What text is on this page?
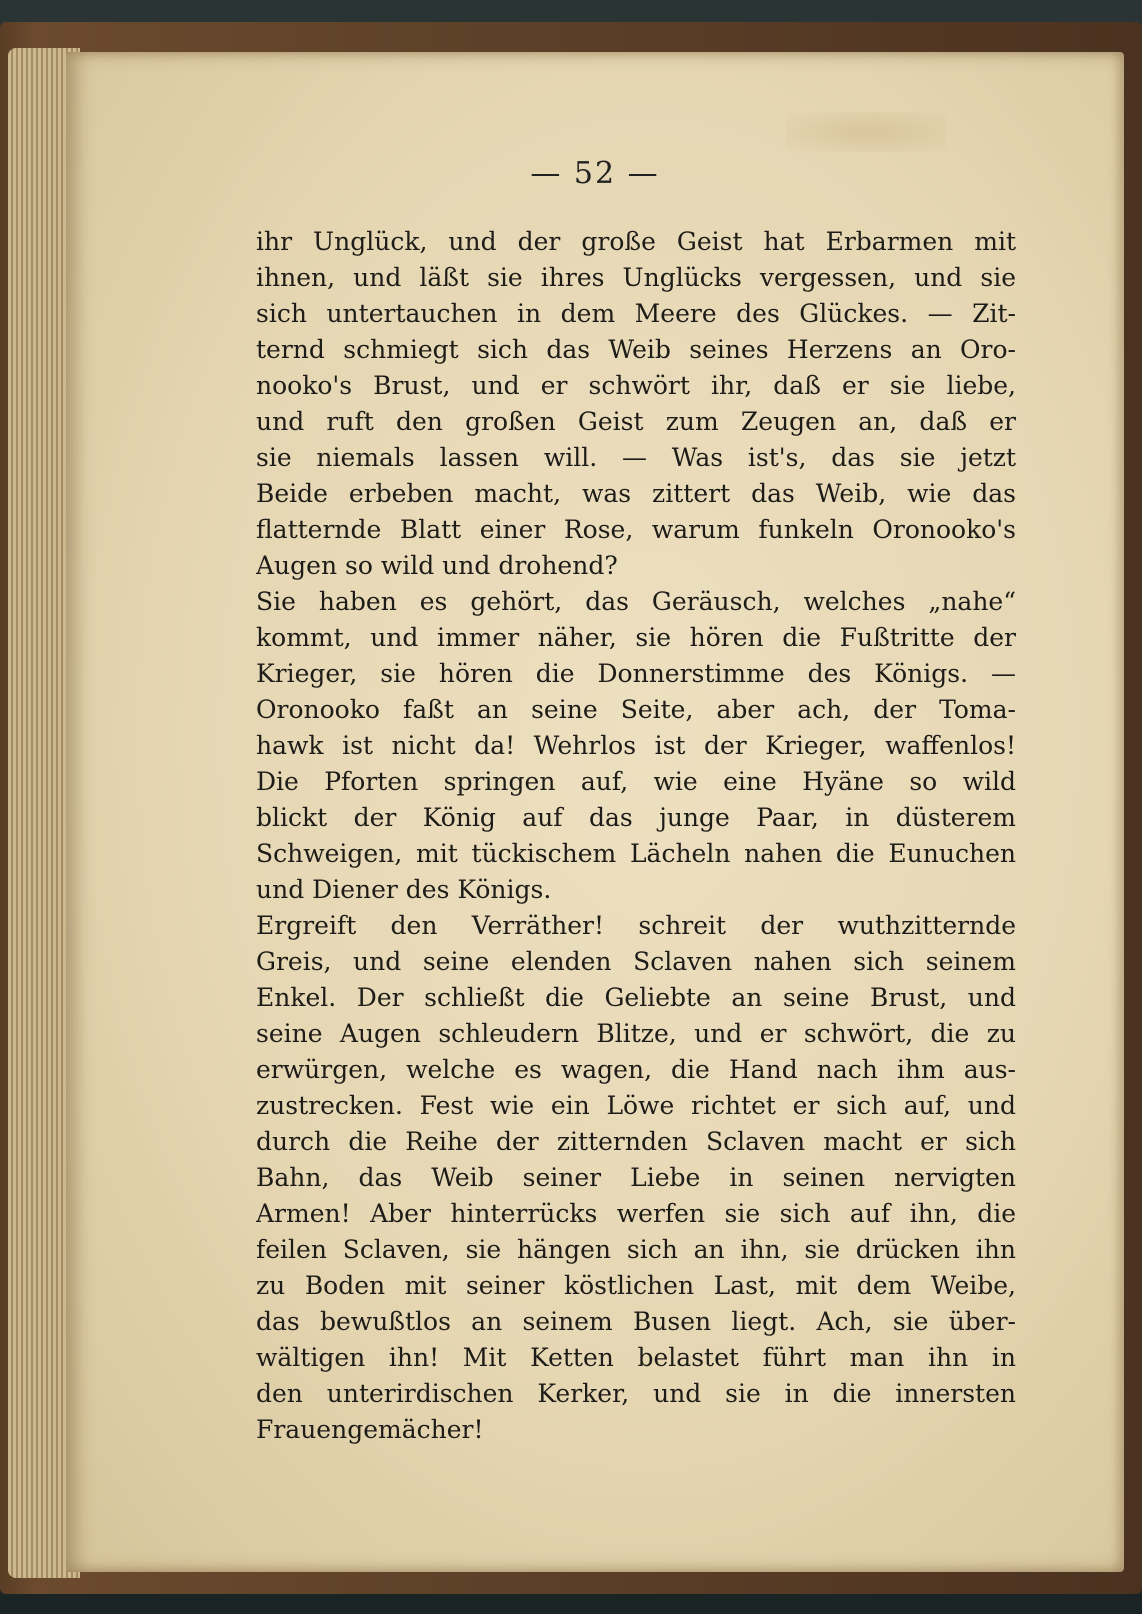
— 52 —

ihr Unglück, und der große Geist hat Erbarmen mit
ihnen, und läßt sie ihres Unglücks vergessen, und sie
sich untertauchen in dem Meere des Glückes. — Zit-
ternd schmiegt sich das Weib seines Herzens an Oro-
nooko's Brust, und er schwört ihr, daß er sie liebe,
und ruft den großen Geist zum Zeugen an, daß er
sie niemals lassen will. — Was ist's, das sie jetzt
Beide erbeben macht, was zittert das Weib, wie das
flatternde Blatt einer Rose, warum funkeln Oronooko's
Augen so wild und drohend?
Sie haben es gehört, das Geräusch, welches „nahe“
kommt, und immer näher, sie hören die Fußtritte der
Krieger, sie hören die Donnerstimme des Königs. —
Oronooko faßt an seine Seite, aber ach, der Toma-
hawk ist nicht da! Wehrlos ist der Krieger, waffenlos!
Die Pforten springen auf, wie eine Hyäne so wild
blickt der König auf das junge Paar, in düsterem
Schweigen, mit tückischem Lächeln nahen die Eunuchen
und Diener des Königs.
Ergreift den Verräther! schreit der wuthzitternde
Greis, und seine elenden Sclaven nahen sich seinem
Enkel. Der schließt die Geliebte an seine Brust, und
seine Augen schleudern Blitze, und er schwört, die zu
erwürgen, welche es wagen, die Hand nach ihm aus-
zustrecken. Fest wie ein Löwe richtet er sich auf, und
durch die Reihe der zitternden Sclaven macht er sich
Bahn, das Weib seiner Liebe in seinen nervigten
Armen! Aber hinterrücks werfen sie sich auf ihn, die
feilen Sclaven, sie hängen sich an ihn, sie drücken ihn
zu Boden mit seiner köstlichen Last, mit dem Weibe,
das bewußtlos an seinem Busen liegt. Ach, sie über-
wältigen ihn! Mit Ketten belastet führt man ihn in
den unterirdischen Kerker, und sie in die innersten
Frauengemächer!
